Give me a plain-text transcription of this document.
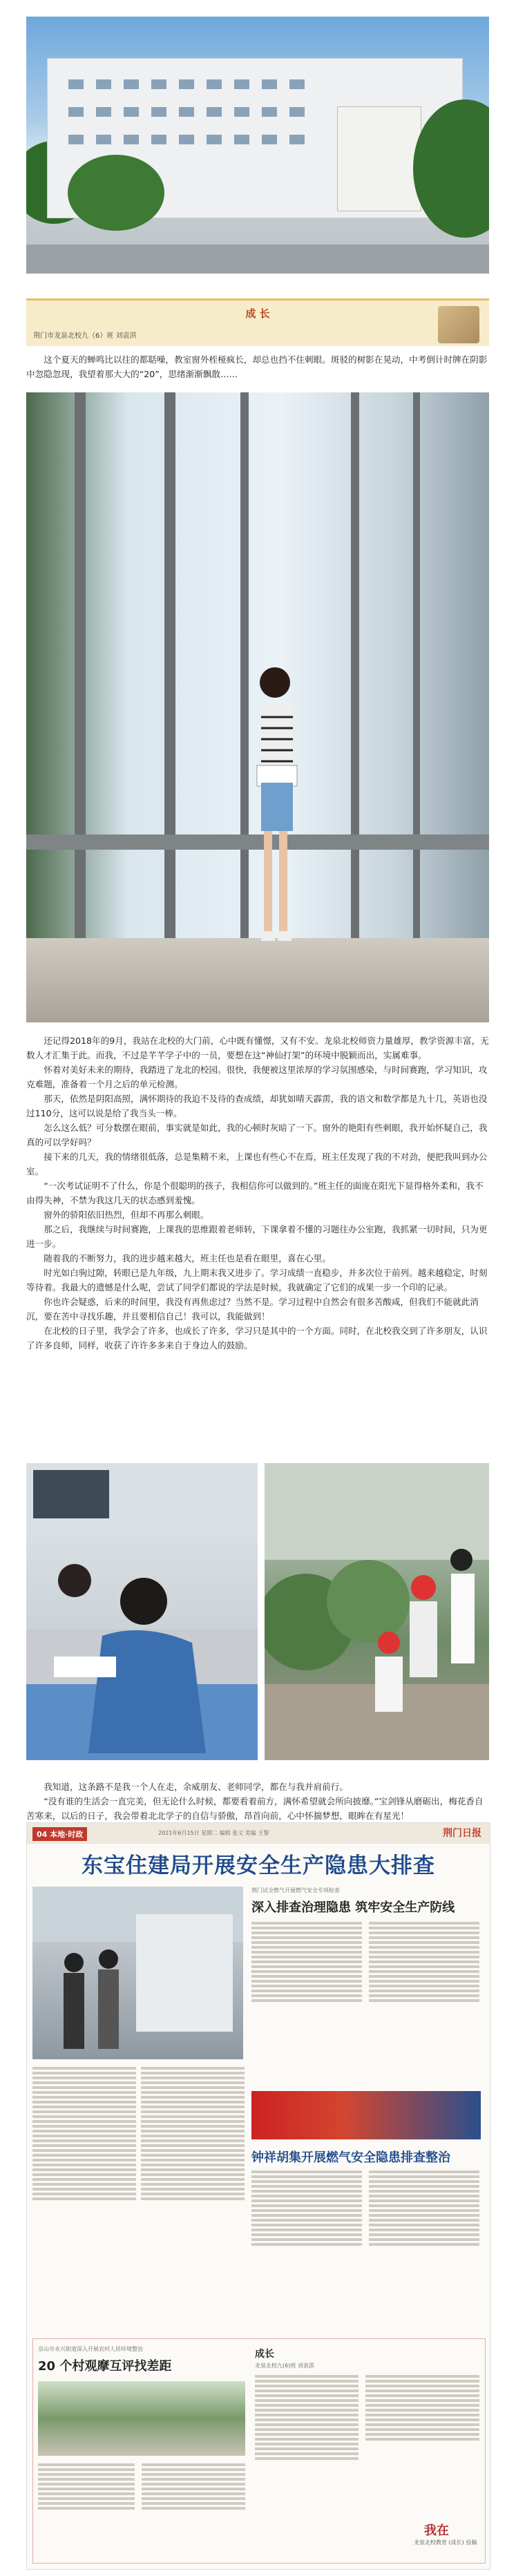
成 长
荆门市龙泉北校九（6）班 刘袁淇

这个夏天的蝉鸣比以往的都聒噪，教室窗外桎桠疯长，却总也挡不住刺眼。斑驳的树影在晃动，中考倒计时牌在阴影中忽隐忽现，我望着那大大的“20”，思绪渐渐飘散……

还记得2018年的9月，我站在北校的大门前，心中既有懂憬，又有不安。龙泉北校师资力量雄厚，教学资源丰富，无数人才汇集于此。而我，不过是芊芊学子中的一员，要想在这“神仙打架”的环境中脱颖而出，实属难事。

怀着对美好未来的期待，我踏进了龙北的校园。很快，我便被这里浓厚的学习氛围感染，与时间赛跑，学习知识，攻克难题，准备着一个月之后的单元检测。

那天，依然是阴阳高照，满怀期待的我迫不及待的查成绩，却犹如晴天霹雳，我的语文和数学都是九十几，英语也没过110分，这可以说是给了我当头一棒。

怎么这么低？可分数摆在眼前，事实就是如此，我的心顿时灰暗了一下。窗外的艳阳有些刺眼，我开始怀疑自己，我真的可以学好吗？

接下来的几天，我的情绪很低落，总是集精不来，上课也有些心不在焉，班主任发现了我的不对劲，便把我叫到办公室。

“一次考试证明不了什么，你是个很聪明的孩子，我相信你可以做到的。”班主任的面庞在阳光下显得格外柔和，我不由得失神，不禁为我这几天的状态感到羞愧。

窗外的骄阳依旧热烈，但却不再那么刺眼。

那之后，我继续与时间赛跑，上课我的思维跟着老师转，下课拿着不懂的习题往办公室跑，我抓紧一切时间，只为更进一步。

随着我的不断努力，我的进步越来越大，班主任也是看在眼里，喜在心里。

时光如白驹过隙，转眼已是九年级，九上期末我又进步了。学习成绩一直稳步，并多次位于前列。越来越稳定，时刻等待着。我最大的遗憾是什么呢，尝试了同学们都说的学法是时候，我就确定了它们的成果一步一个印的记录。

你也许会疑惑，后来的时间里，我没有再焦虑过？当然不是。学习过程中自然会有很多苦酸咸，但我们不能就此消沉，要在苦中寻找乐趣，并且要相信自己！我可以，我能做到！

在北校的日子里，我学会了许多，也成长了许多，学习只是其中的一个方面。同时，在北校我交到了许多朋友，认识了许多良师，同样，收获了许许多多来自于身边人的鼓励。

我知道，这条路不是我一个人在走，余威朋友、老师同学，都在与我并肩前行。

“没有谁的生活会一直完美，但无论什么时候，都要看着前方，满怀希望就会所向披靡。”宝剑锋从磨砺出，梅花香自苦寒来，以后的日子，我会带着北北学子的自信与骄傲，昂首向前，心中怀揣梦想，眼眸在有星光！

04 本地·时政	2021年6月15日 星期二 编辑 张义 美编 王黎	荆门日报
东宝住建局开展安全生产隐患大排查
荆门试全燃气开展燃气安全专项检查
深入排查治理隐患 筑牢安全生产防线
钟祥胡集开展燃气安全隐患排查整治
京山市永兴街道深入开展农村人居环境整治
20 个村观摩互评找差距
成长
龙泉北校九(6)班 刘袁淇
我在
龙泉北校教育 (成长) 投稿
